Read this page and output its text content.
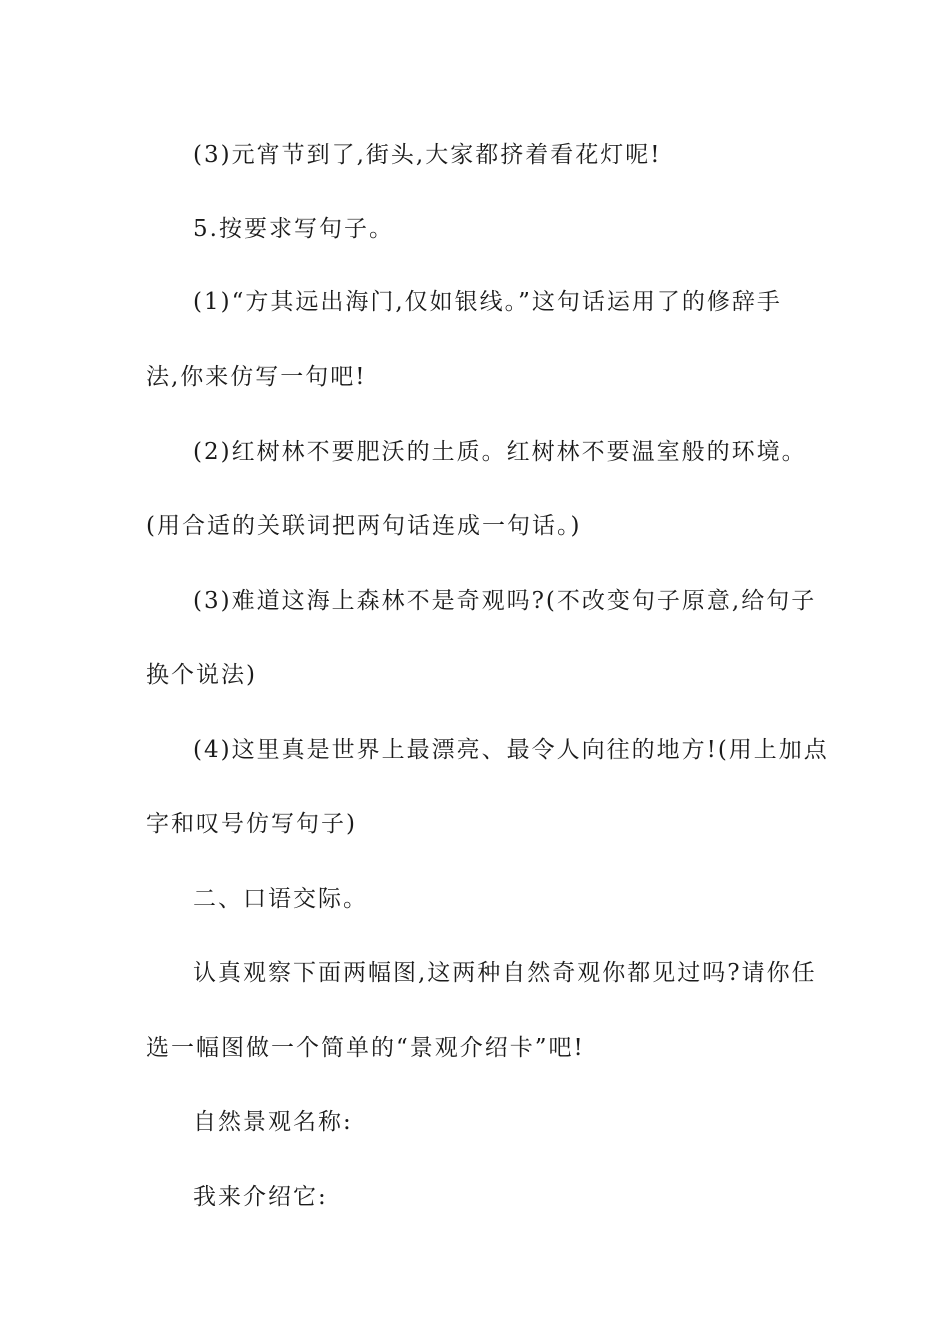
(3)元宵节到了,街头,大家都挤着看花灯呢!
5.按要求写句子。
(1)“方其远出海门,仅如银线。”这句话运用了的修辞手
法,你来仿写一句吧!
(2)红树林不要肥沃的土质。红树林不要温室般的环境。
(用合适的关联词把两句话连成一句话。)
(3)难道这海上森林不是奇观吗?(不改变句子原意,给句子
换个说法)
(4)这里真是世界上最漂亮、最令人向往的地方!(用上加点
字和叹号仿写句子)
二、口语交际。
认真观察下面两幅图,这两种自然奇观你都见过吗?请你任
选一幅图做一个简单的“景观介绍卡”吧!
自然景观名称:
我来介绍它:
